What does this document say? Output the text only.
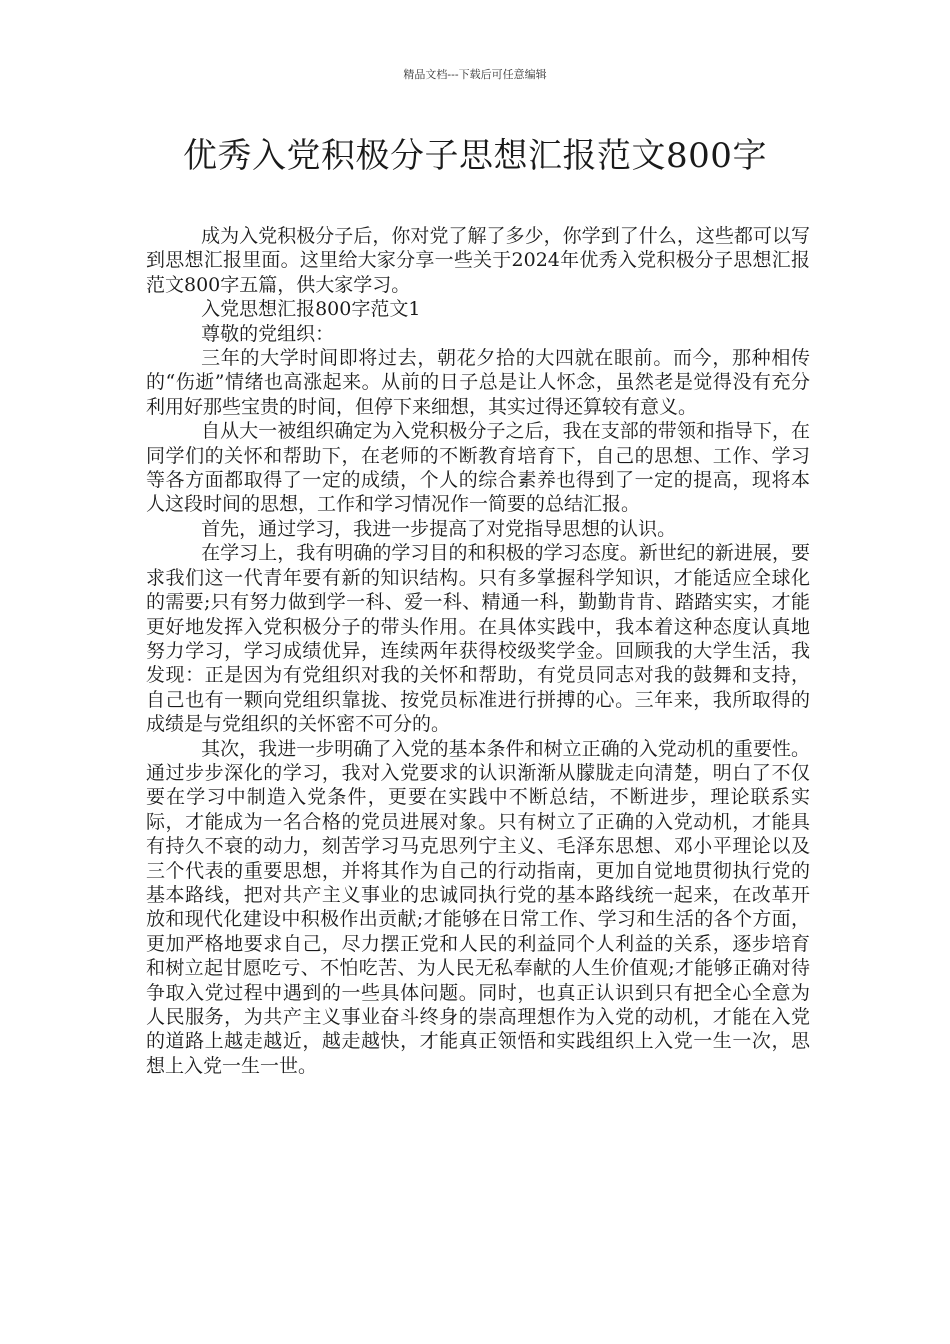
精品文档---下载后可任意编辑
优秀入党积极分子思想汇报范文800字

成为入党积极分子后，你对党了解了多少，你学到了什么，这些都可以写到思想汇报里面。这里给大家分享一些关于2024年优秀入党积极分子思想汇报范文800字五篇，供大家学习。

入党思想汇报800字范文1

尊敬的党组织：

三年的大学时间即将过去，朝花夕拾的大四就在眼前。而今，那种相传的“伤逝”情绪也高涨起来。从前的日子总是让人怀念，虽然老是觉得没有充分利用好那些宝贵的时间，但停下来细想，其实过得还算较有意义。

自从大一被组织确定为入党积极分子之后，我在支部的带领和指导下，在同学们的关怀和帮助下，在老师的不断教育培育下，自己的思想、工作、学习等各方面都取得了一定的成绩，个人的综合素养也得到了一定的提高，现将本人这段时间的思想，工作和学习情况作一简要的总结汇报。

首先，通过学习，我进一步提高了对党指导思想的认识。

在学习上，我有明确的学习目的和积极的学习态度。新世纪的新进展，要求我们这一代青年要有新的知识结构。只有多掌握科学知识，才能适应全球化的需要;只有努力做到学一科、爱一科、精通一科，勤勤肯肯、踏踏实实，才能更好地发挥入党积极分子的带头作用。在具体实践中，我本着这种态度认真地努力学习，学习成绩优异，连续两年获得校级奖学金。回顾我的大学生活，我发现：正是因为有党组织对我的关怀和帮助，有党员同志对我的鼓舞和支持，自己也有一颗向党组织靠拢、按党员标准进行拼搏的心。三年来，我所取得的成绩是与党组织的关怀密不可分的。

其次，我进一步明确了入党的基本条件和树立正确的入党动机的重要性。通过步步深化的学习，我对入党要求的认识渐渐从朦胧走向清楚，明白了不仅要在学习中制造入党条件，更要在实践中不断总结，不断进步，理论联系实际，才能成为一名合格的党员进展对象。只有树立了正确的入党动机，才能具有持久不衰的动力，刻苦学习马克思列宁主义、毛泽东思想、邓小平理论以及三个代表的重要思想，并将其作为自己的行动指南，更加自觉地贯彻执行党的基本路线，把对共产主义事业的忠诚同执行党的基本路线统一起来，在改革开放和现代化建设中积极作出贡献;才能够在日常工作、学习和生活的各个方面，更加严格地要求自己，尽力摆正党和人民的利益同个人利益的关系，逐步培育和树立起甘愿吃亏、不怕吃苦、为人民无私奉献的人生价值观;才能够正确对待争取入党过程中遇到的一些具体问题。同时，也真正认识到只有把全心全意为人民服务，为共产主义事业奋斗终身的崇高理想作为入党的动机，才能在入党的道路上越走越近，越走越快，才能真正领悟和实践组织上入党一生一次，思想上入党一生一世。
